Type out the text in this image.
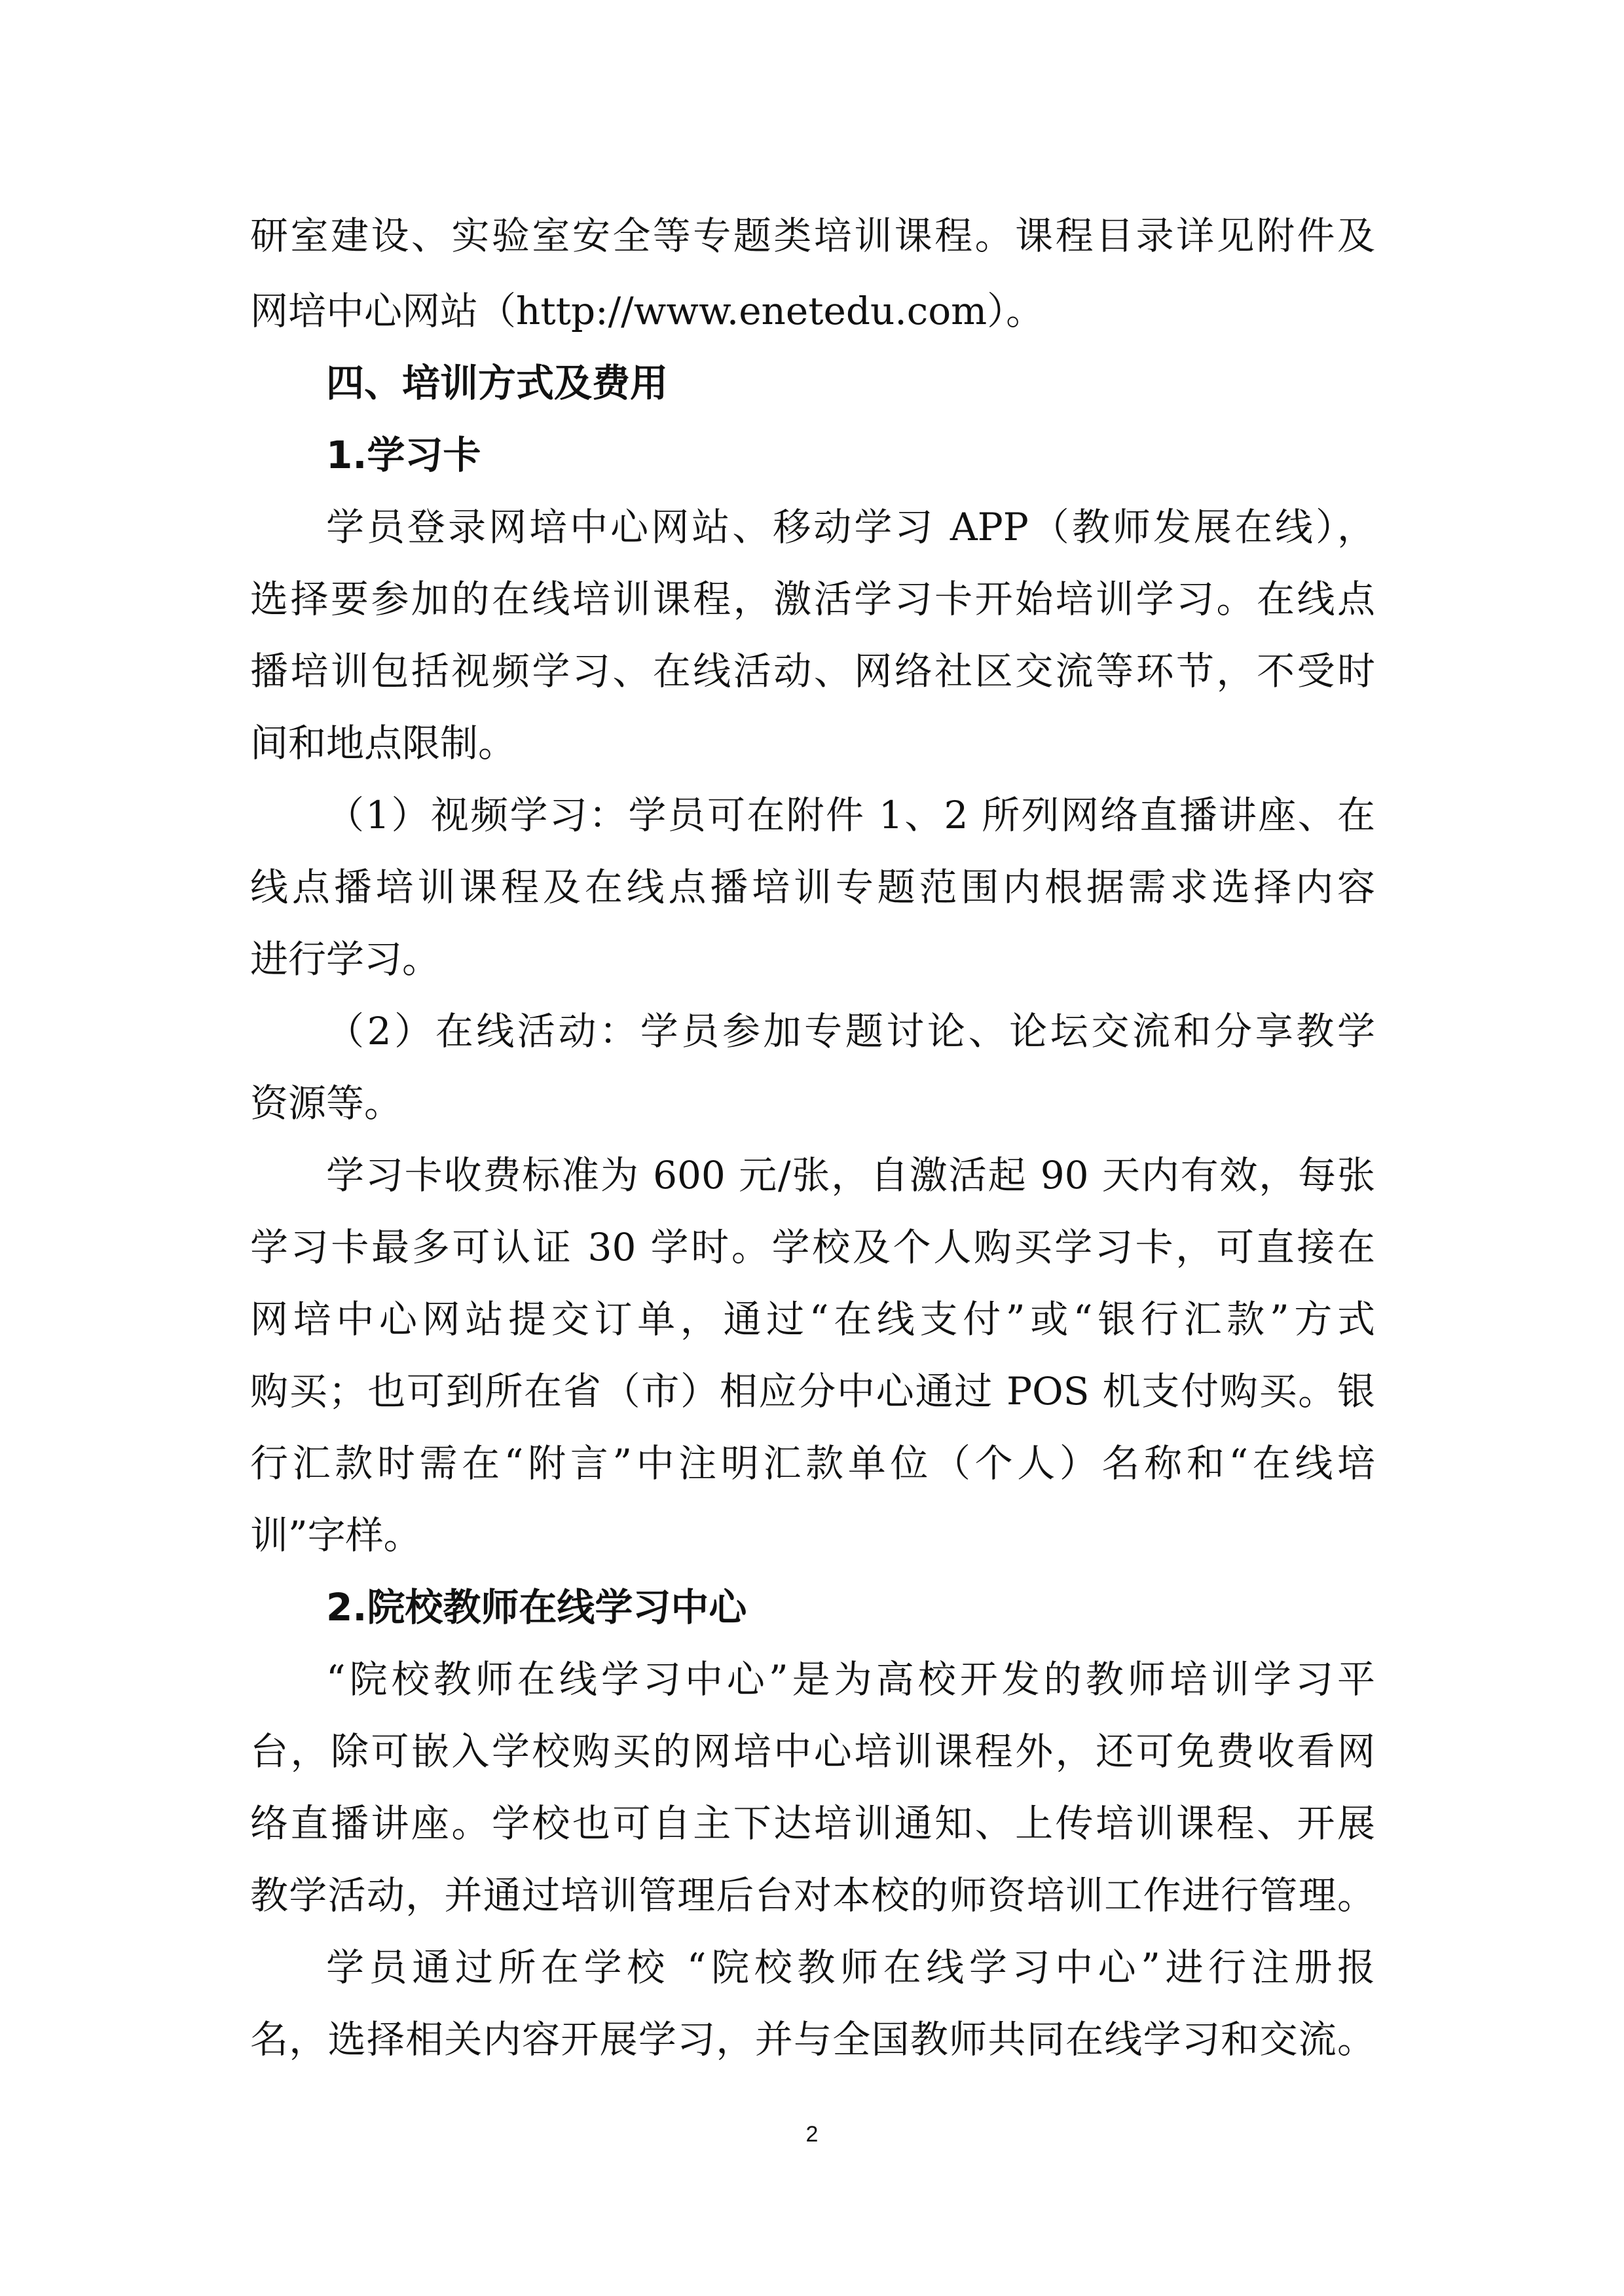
研室建设、实验室安全等专题类培训课程。课程目录详见附件及
网培中心网站（http://www.enetedu.com）。
四、培训方式及费用
1.学习卡
学员登录网培中心网站、移动学习 APP（教师发展在线），
选择要参加的在线培训课程，激活学习卡开始培训学习。在线点
播培训包括视频学习、在线活动、网络社区交流等环节，不受时
间和地点限制。
（1）视频学习：学员可在附件 1、2 所列网络直播讲座、在
线点播培训课程及在线点播培训专题范围内根据需求选择内容
进行学习。
（2）在线活动：学员参加专题讨论、论坛交流和分享教学
资源等。
学习卡收费标准为 600 元/张，自激活起 90 天内有效，每张
学习卡最多可认证 30 学时。学校及个人购买学习卡，可直接在
网培中心网站提交订单，通过“在线支付”或“银行汇款”方式
购买；也可到所在省（市）相应分中心通过 POS 机支付购买。银
行汇款时需在“附言”中注明汇款单位（个人）名称和“在线培
训”字样。
2.院校教师在线学习中心
“院校教师在线学习中心”是为高校开发的教师培训学习平
台，除可嵌入学校购买的网培中心培训课程外，还可免费收看网
络直播讲座。学校也可自主下达培训通知、上传培训课程、开展
教学活动，并通过培训管理后台对本校的师资培训工作进行管理。
学员通过所在学校 “院校教师在线学习中心”进行注册报
名，选择相关内容开展学习，并与全国教师共同在线学习和交流。
2
